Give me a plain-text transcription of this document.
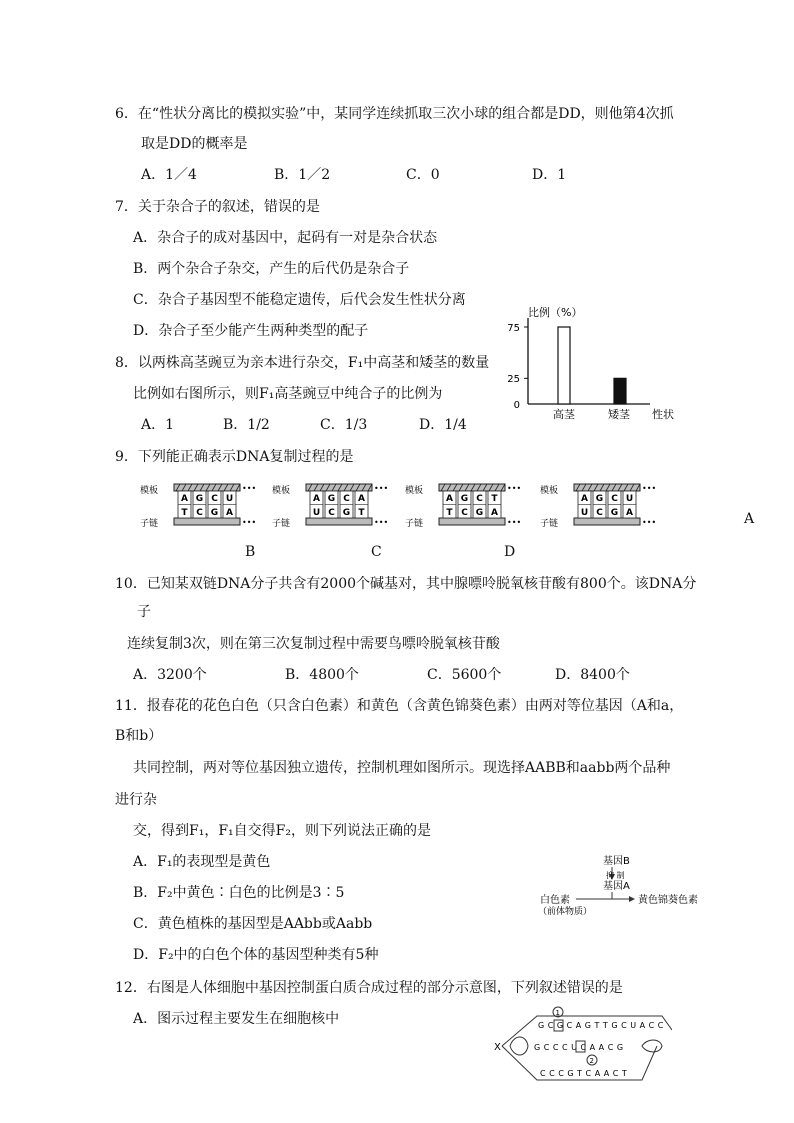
6．在“性状分离比的模拟实验”中，某同学连续抓取三次小球的组合都是DD，则他第4次抓
取是DD的概率是
A．1／4	B．1／2	C．0	D．1
7．关于杂合子的叙述，错误的是
A．杂合子的成对基因中，起码有一对是杂合状态
B．两个杂合子杂交，产生的后代仍是杂合子
C．杂合子基因型不能稳定遗传，后代会发生性状分离
D．杂合子至少能产生两种类型的配子
8．以两株高茎豌豆为亲本进行杂交，F₁中高茎和矮茎的数量
比例如右图所示，则F₁高茎豌豆中纯合子的比例为
A．1	B．1/2	C．1/3	D．1/4
比例（%）
性状
75
25
0
高茎	矮茎
9．下列能正确表示DNA复制过程的是
模板
子链
•••
•••
A
T
G
C
C
G
U
A
模板
子链
•••
•••
A
U
G
C
C
G
A
T
模板
子链
•••
•••
A
T
G
C
C
G
T
A
模板
子链
•••
•••
A
U
G
C
C
G
U
A	A
B	C	D
10．已知某双链DNA分子共含有2000个碱基对，其中腺嘌呤脱氧核苷酸有800个。该DNA分
子
连续复制3次，则在第三次复制过程中需要鸟嘌呤脱氧核苷酸
A．3200个	B．4800个	C．5600个	D．8400个
11．报春花的花色白色（只含白色素）和黄色（含黄色锦葵色素）由两对等位基因（A和a，
B和b）
共同控制，两对等位基因独立遗传，控制机理如图所示。现选择AABB和aabb两个品种
进行杂
交，得到F₁，F₁自交得F₂，则下列说法正确的是
A．F₁的表现型是黄色
B．F₂中黄色∶白色的比例是3∶5
C．黄色植株的基因型是AAbb或Aabb
D．F₂中的白色个体的基因型种类有5种
基因B
抑 制
基因A
白色素	黄色锦葵色素
（前体物质）
12．右图是人体细胞中基因控制蛋白质合成过程的部分示意图，下列叙述错误的是
A．图示过程主要发生在细胞核中
X
G C G C A G T T G C U A C C
G C C C U C A A C G
C C C G T C A A C T
1
2
